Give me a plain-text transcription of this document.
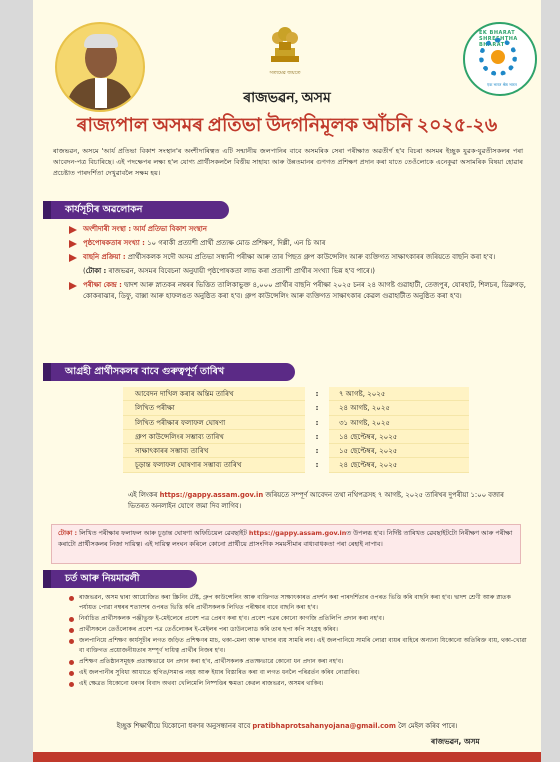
সত্যমেৱ জয়তে
EK BHARAT SHRESHTHA BHARAT
एक भारत श्रेष्ठ भारत
ৰাজভৱন, অসম
ৰাজ্যপাল অসমৰ প্ৰতিভা উদগনিমূলক আঁচনি ২০২৫-২৬
ৰাজভৱন, অসমে 'আৰ্য প্ৰতিভা বিকাশ সংস্থান'ৰ অংশীদাৰিত্বত এটি সন্মানীয় জলপানিৰ বাবে অসমৰিক সেৰা পৰীক্ষাত অৱতীৰ্ণ হ'ব বিচৰা অসমৰ ইচ্ছুক যুৱক-যুৱতীসকলৰ পৰা আবেদন-পত্ৰ বিচাৰিছে। এই পদক্ষেপৰ লক্ষ্য হ'ল যোগ্য প্ৰাৰ্থীসকললৈ বিত্তীয় সাহায্য আৰু উন্নতমানৰ গুণগত প্ৰশিক্ষণ প্ৰদান কৰা যাতে তেওঁলোকে এনেকুৱা অসামৰিক বিষয়া হোৱাৰ প্ৰচেষ্টাত পাৰদৰ্শিতা দেখুৱাবলৈ সক্ষম হয়।
কাৰ্যসূচীৰ অৱলোকন
অংশীদাৰী সংস্থা : আৰ্য প্ৰতিভা বিকাশ সংস্থান
পৃষ্ঠপোষকতাৰ সংখ্যা : ১০ গৰাকী প্ৰত্যাশী প্ৰাৰ্থী প্ৰত্যক্ষ মোড প্ৰশিক্ষণ, দিল্লী, এন চি আৰ
বাছনি প্ৰক্ৰিয়া : প্ৰাৰ্থীসকলক সদৌ অসম প্ৰতিভা সন্ধানী পৰীক্ষা আৰু তাৰ পিছত গ্ৰুপ কাউন্সেলিং আৰু ব্যক্তিগত সাক্ষাৎকাৰৰ জৰিয়তে বাছনি কৰা হ'ব।
(টোকা : ৰাজভৱন, অসমৰ বিবেচনা অনুযায়ী পৃষ্ঠপোষকতা লাভ কৰা প্ৰত্যাশী প্ৰাৰ্থীৰ সংখ্যা ভিন্ন হ'ব পাৰে।)
পৰীক্ষা কেন্দ্ৰ : দ্বাদশ আৰু স্নাতকৰ নম্বৰৰ ভিত্তিত তালিকাভুক্ত ৪,০০০ প্ৰাৰ্থীৰ বাছনি পৰীক্ষা ২০২৫ চনৰ ২৪ আগষ্ট গুৱাহাটী, তেজপুৰ, যোৰহাট, শিলচৰ, ডিব্ৰুগড়, কোকৰাঝাৰ, ডিফু, বাক্সা আৰু হাফলঙত অনুষ্ঠিত কৰা হ'ব। গ্ৰুপ কাউন্সেলিং আৰু ব্যক্তিগত সাক্ষাৎকাৰ কেৱল গুৱাহাটীত অনুষ্ঠিত কৰা হ'ব।
আগ্ৰহী প্ৰাৰ্থীসকলৰ বাবে গুৰুত্বপূৰ্ণ তাৰিখ
আবেদন দাখিল কৰাৰ অন্তিম তাৰিখ	:	৭ আগষ্ট, ২০২৫
লিখিত পৰীক্ষা	:	২৪ আগষ্ট, ২০২৫
লিখিত পৰীক্ষাৰ ফলাফল ঘোষণা	:	৩১ আগষ্ট, ২০২৫
গ্ৰুপ কাউন্সেলিংৰ সম্ভাব্য তাৰিখ	:	১৪ ছেপ্টেম্বৰ, ২০২৫
সাক্ষাৎকাৰৰ সম্ভাব্য তাৰিখ	:	১৫ ছেপ্টেম্বৰ, ২০২৫
চূড়ান্ত ফলাফল ঘোষণাৰ সম্ভাব্য তাৰিখ	:	২৪ ছেপ্টেম্বৰ, ২০২৫
এই লিংকৰ https://gappy.assam.gov.in জৰিয়তে সম্পূৰ্ণ আবেদন তথা নথিপত্ৰসহ ৭ আগষ্ট, ২০২৫ তাৰিখৰ দুপৰীয়া ১:০০ বজাৰ ভিতৰত অনলাইন যোগে জমা দিব লাগিব।
টোকা : লিখিত পৰীক্ষাৰ ফলাফল আৰু চূড়ান্ত ঘোষণা অফিচিয়েল ৱেবছাইট https://gappy.assam.gov.inত উপলব্ধ হ'ব। নিৰ্দিষ্ট তাৰিখত ৱেবছাইটটো নিৰীক্ষণ আৰু পৰীক্ষা কৰাটো প্ৰাৰ্থীসকলৰ নিজা দায়িত্ব। এই দায়িত্ব লংঘন কৰিলে কোনো প্ৰাৰ্থীয়ে প্ৰাসংগিক সময়সীমাৰ বাধ্যবাধকতা পৰা ৰেহাই নাপাব।
চৰ্ত আৰু নিয়মাৱলী
ৰাজভৱন, অসম দ্বাৰা আয়োজিত কৰা স্ক্ৰিনিং টেষ্ট, গ্ৰুপ কাউন্সেলিং আৰু ব্যক্তিগত সাক্ষাৎকাৰত প্ৰদৰ্শন কৰা পাৰদৰ্শিতাৰ ওপৰত ভিত্তি কৰি বাছনি কৰা হ'ব। দ্বাদশ শ্ৰেণী আৰু স্নাতক পৰ্যায়ত পোৱা নম্বৰৰ শতাংশৰ ওপৰত ভিত্তি কৰি প্ৰাৰ্থীসকলক লিখিত পৰীক্ষাৰ বাবে বাছনি কৰা হ'ব।
নিৰ্বাচিত প্ৰাৰ্থীসকলক পঞ্জীভুক্ত ই-মেইলেৰে প্ৰবেশ পত্ৰ প্ৰেৰণ কৰা হ'ব। প্ৰবেশ পত্ৰৰ কোনো কাগজি প্ৰতিলিপি প্ৰদান কৰা নহ'ব।
প্ৰাৰ্থীসকলে তেওঁলোকৰ প্ৰবেশ পত্ৰ তেওঁলোকৰ ই-মেইলৰ পৰা ডাউনলোড কৰি তাৰ ছপা কপি সংগ্ৰহ কৰিব।
জলপানিয়ে প্ৰশিক্ষণ কাৰ্যসূচীৰ লগত জড়িত প্ৰশিক্ষণৰ মাচ, থকা-মেলা আৰু খাদ্যৰ ব্যয় সামৰি লব। এই জলপানিয়ে সামৰি লোৱা ব্যয়ৰ বাহিৰে অন্যান্য যিকোনো অতিৰিক্ত ব্যয়, থকা-খোৱা বা ব্যক্তিগত প্ৰয়োজনীয়তাৰ সম্পূৰ্ণ দায়িত্ব প্ৰাৰ্থীৰ নিজৰ হ'ব।
প্ৰশিক্ষণ প্ৰতিষ্ঠানসমূহক প্ৰত্যক্ষভাৱে ধন প্ৰদান কৰা হ'ব, প্ৰাৰ্থীসকলক প্ৰত্যক্ষভাৱে কোনো ধন প্ৰদান কৰা নহ'ব।
এই জলপানীৰ সুবিধা আধাতে স্থগিত/সমাপ্ত নহয় আৰু ইয়াৰ বিস্তাৰিত কৰা বা লগত ধনলৈ পৰিৱৰ্তন কৰিব নোৱাৰিব।
এই ক্ষেত্ৰত যিকোনো ধৰণৰ বিবাদ অথবা খেলিমেলি নিষ্পত্তিৰ ক্ষমতা কেৱল ৰাজভৱন, অসমৰ থাকিব।
ইচ্ছুক শিক্ষাৰ্থীয়ে যিকোনো ধৰণৰ অনুসন্ধানৰ বাবে pratibhaprotsahanyojana@gmail.com লৈ মেইল কৰিব পাৰে।
ৰাজভৱন, অসম
